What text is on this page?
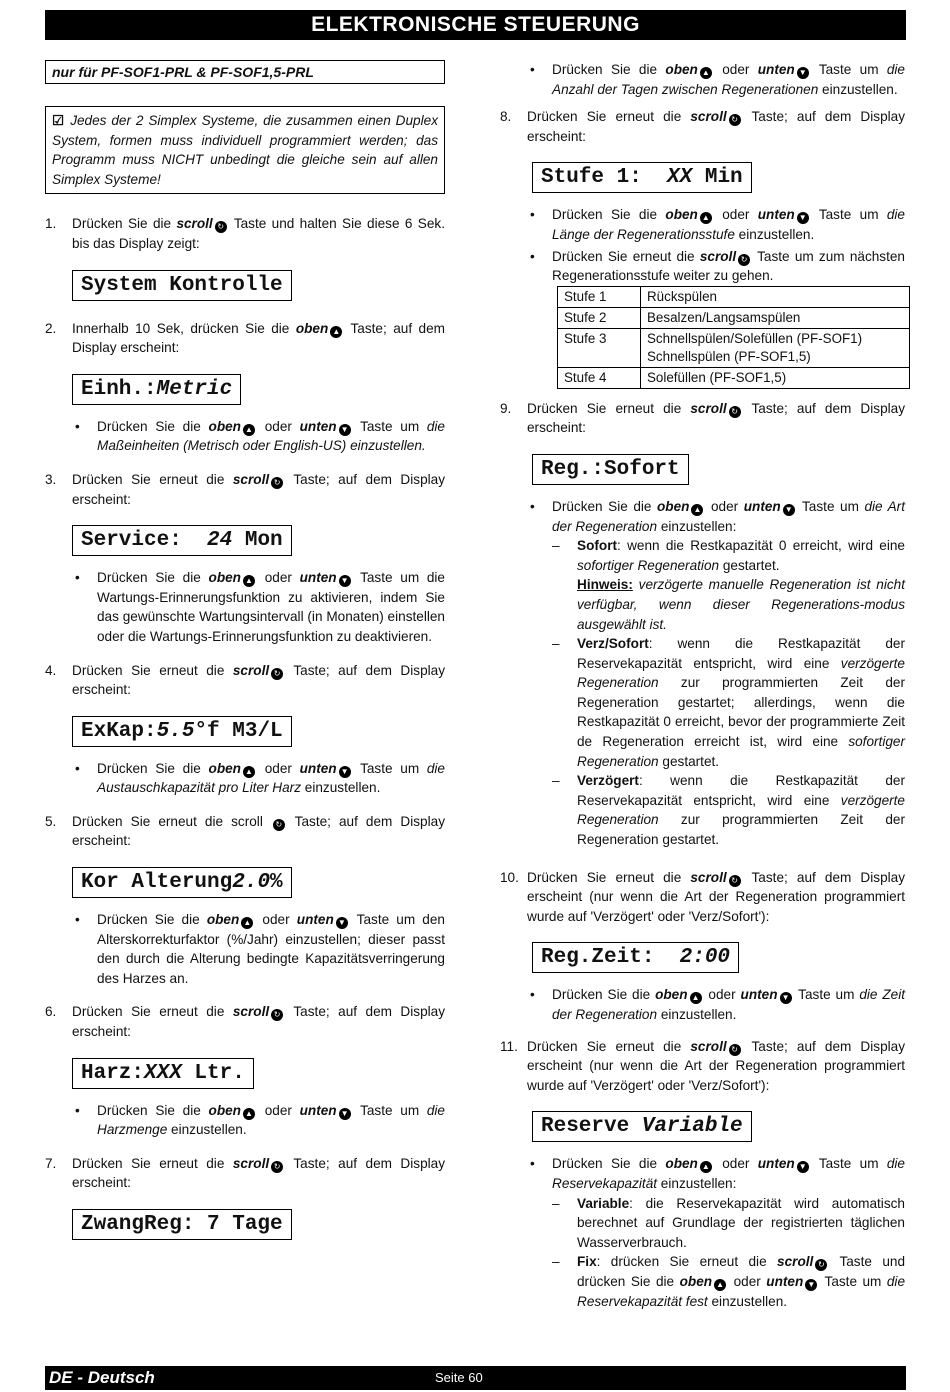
ELEKTRONISCHE STEUERUNG
nur für PF-SOF1-PRL & PF-SOF1,5-PRL
☑ Jedes der 2 Simplex Systeme, die zusammen einen Duplex System, formen muss individuell programmiert werden; das Programm muss NICHT unbedingt die gleiche sein auf allen Simplex Systeme!
1. Drücken Sie die scroll ↻ Taste und halten Sie diese 6 Sek. bis das Display zeigt:
System Kontrolle
2. Innerhalb 10 Sek, drücken Sie die oben ▲ Taste; auf dem Display erscheint:
Einh.:Metric
• Drücken Sie die oben ▲ oder unten ▼ Taste um die Maßeinheiten (Metrisch oder English-US) einzustellen.
3. Drücken Sie erneut die scroll ↻ Taste; auf dem Display erscheint:
Service:  24 Mon
• Drücken Sie die oben ▲ oder unten ▼ Taste um die Wartungs-Erinnerungsfunktion zu aktivieren, indem Sie das gewünschte Wartungsintervall (in Monaten) einstellen oder die Wartungs-Erinnerungsfunktion zu deaktivieren.
4. Drücken Sie erneut die scroll ↻ Taste; auf dem Display erscheint:
ExKap:5.5°f M3/L
• Drücken Sie die oben ▲ oder unten ▼ Taste um die Austauschkapazität pro Liter Harz einzustellen.
5. Drücken Sie erneut die scroll ↻ Taste; auf dem Display erscheint:
Kor Alterung2.0%
• Drücken Sie die oben ▲ oder unten ▼ Taste um den Alterskorrekturfaktor (%/Jahr) einzustellen; dieser passt den durch die Alterung bedingte Kapazitätsverringerung des Harzes an.
6. Drücken Sie erneut die scroll ↻ Taste; auf dem Display erscheint:
Harz:XXX Ltr.
• Drücken Sie die oben ▲ oder unten ▼ Taste um die Harzmenge einzustellen.
7. Drücken Sie erneut die scroll ↻ Taste; auf dem Display erscheint:
ZwangReg: 7 Tage
• Drücken Sie die oben ▲ oder unten ▼ Taste um die Anzahl der Tagen zwischen Regenerationen einzustellen.
8. Drücken Sie erneut die scroll ↻ Taste; auf dem Display erscheint:
Stufe 1:  XX Min
• Drücken Sie die oben ▲ oder unten ▼ Taste um die Länge der Regenerationsstufe einzustellen.
• Drücken Sie erneut die scroll ↻ Taste um zum nächsten Regenerationsstufe weiter zu gehen.
Stufe 1	Rückspülen
Stufe 2	Besalzen/Langsamspülen
Stufe 3	Schnellspülen/Solefüllen (PF-SOF1)
Schnellspülen (PF-SOF1,5)
Stufe 4	Solefüllen (PF-SOF1,5)
9. Drücken Sie erneut die scroll ↻ Taste; auf dem Display erscheint:
Reg.:Sofort
• Drücken Sie die oben ▲ oder unten ▼ Taste um die Art der Regeneration einzustellen:
– Sofort: wenn die Restkapazität 0 erreicht, wird eine sofortiger Regeneration gestartet.
Hinweis: verzögerte manuelle Regeneration ist nicht verfügbar, wenn dieser Regenerations-modus ausgewählt ist.
– Verz/Sofort: wenn die Restkapazität der Reservekapazität entspricht, wird eine verzögerte Regeneration zur programmierten Zeit der Regeneration gestartet; allerdings, wenn die Restkapazität 0 erreicht, bevor der programmierte Zeit de Regeneration erreicht ist, wird eine sofortiger Regeneration gestartet.
– Verzögert: wenn die Restkapazität der Reservekapazität entspricht, wird eine verzögerte Regeneration zur programmierten Zeit der Regeneration gestartet.
10. Drücken Sie erneut die scroll ↻ Taste; auf dem Display erscheint (nur wenn die Art der Regeneration programmiert wurde auf 'Verzögert' oder 'Verz/Sofort'):
Reg.Zeit:  2:00
• Drücken Sie die oben ▲ oder unten ▼ Taste um die Zeit der Regeneration einzustellen.
11. Drücken Sie erneut die scroll ↻ Taste; auf dem Display erscheint (nur wenn die Art der Regeneration programmiert wurde auf 'Verzögert' oder 'Verz/Sofort'):
Reserve Variable
• Drücken Sie die oben ▲ oder unten ▼ Taste um die Reservekapazität einzustellen:
– Variable: die Reservekapazität wird automatisch berechnet auf Grundlage der registrierten täglichen Wasserverbrauch.
– Fix: drücken Sie erneut die scroll ↻ Taste und drücken Sie die oben ▲ oder unten ▼ Taste um die Reservekapazität fest einzustellen.
DE - Deutsch	Seite 60
